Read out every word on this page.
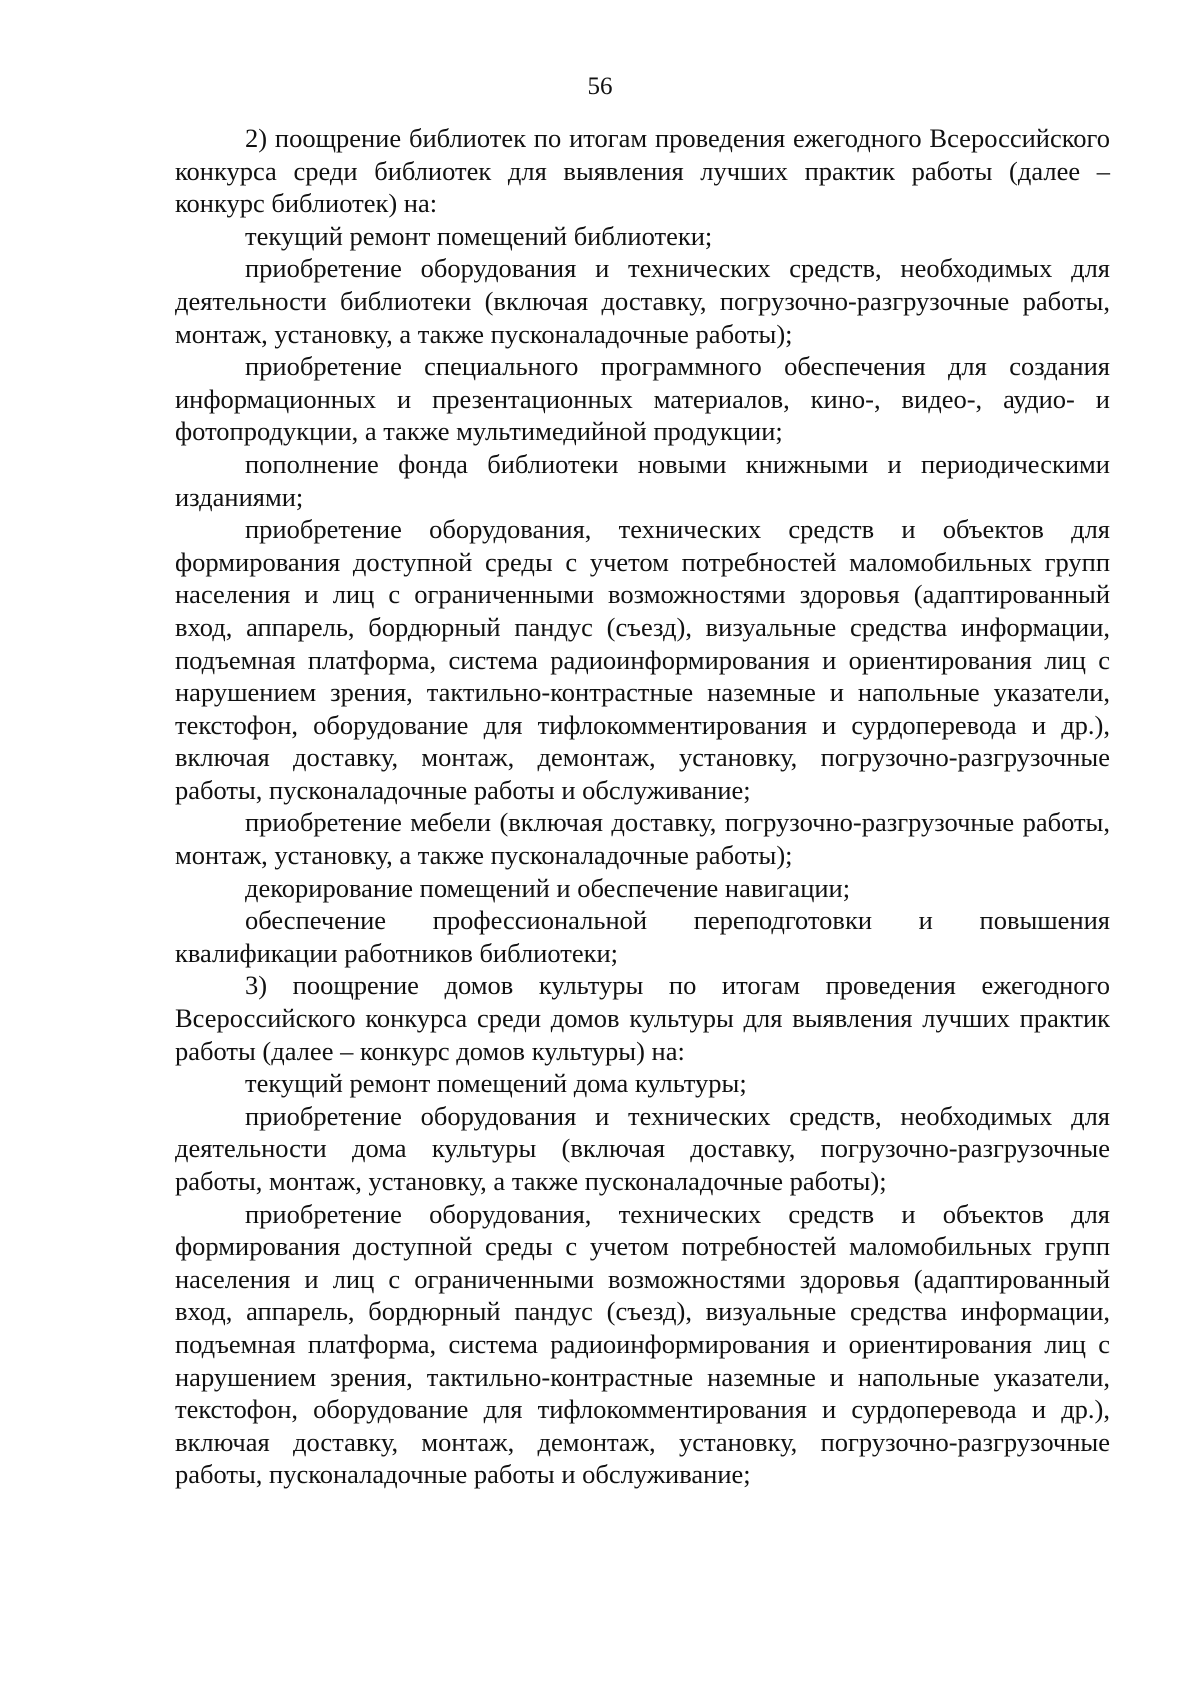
56

2) поощрение библиотек по итогам проведения ежегодного Всероссийского конкурса среди библиотек для выявления лучших практик работы (далее – конкурс библиотек) на:

текущий ремонт помещений библиотеки;

приобретение оборудования и технических средств, необходимых для деятельности библиотеки (включая доставку, погрузочно-разгрузочные работы, монтаж, установку, а также пусконаладочные работы);

приобретение специального программного обеспечения для создания информационных и презентационных материалов, кино-, видео-, аудио- и фотопродукции, а также мультимедийной продукции;

пополнение фонда библиотеки новыми книжными и периодическими изданиями;

приобретение оборудования, технических средств и объектов для формирования доступной среды с учетом потребностей маломобильных групп населения и лиц с ограниченными возможностями здоровья (адаптированный вход, аппарель, бордюрный пандус (съезд), визуальные средства информации, подъемная платформа, система радиоинформирования и ориентирования лиц с нарушением зрения, тактильно-контрастные наземные и напольные указатели, текстофон, оборудование для тифлокомментирования и сурдоперевода и др.), включая доставку, монтаж, демонтаж, установку, погрузочно-разгрузочные работы, пусконаладочные работы и обслуживание;

приобретение мебели (включая доставку, погрузочно-разгрузочные работы, монтаж, установку, а также пусконаладочные работы);

декорирование помещений и обеспечение навигации;

обеспечение профессиональной переподготовки и повышения квалификации работников библиотеки;

3) поощрение домов культуры по итогам проведения ежегодного Всероссийского конкурса среди домов культуры для выявления лучших практик работы (далее – конкурс домов культуры) на:

текущий ремонт помещений дома культуры;

приобретение оборудования и технических средств, необходимых для деятельности дома культуры (включая доставку, погрузочно-разгрузочные работы, монтаж, установку, а также пусконаладочные работы);

приобретение оборудования, технических средств и объектов для формирования доступной среды с учетом потребностей маломобильных групп населения и лиц с ограниченными возможностями здоровья (адаптированный вход, аппарель, бордюрный пандус (съезд), визуальные средства информации, подъемная платформа, система радиоинформирования и ориентирования лиц с нарушением зрения, тактильно-контрастные наземные и напольные указатели, текстофон, оборудование для тифлокомментирования и сурдоперевода и др.), включая доставку, монтаж, демонтаж, установку, погрузочно-разгрузочные работы, пусконаладочные работы и обслуживание;
